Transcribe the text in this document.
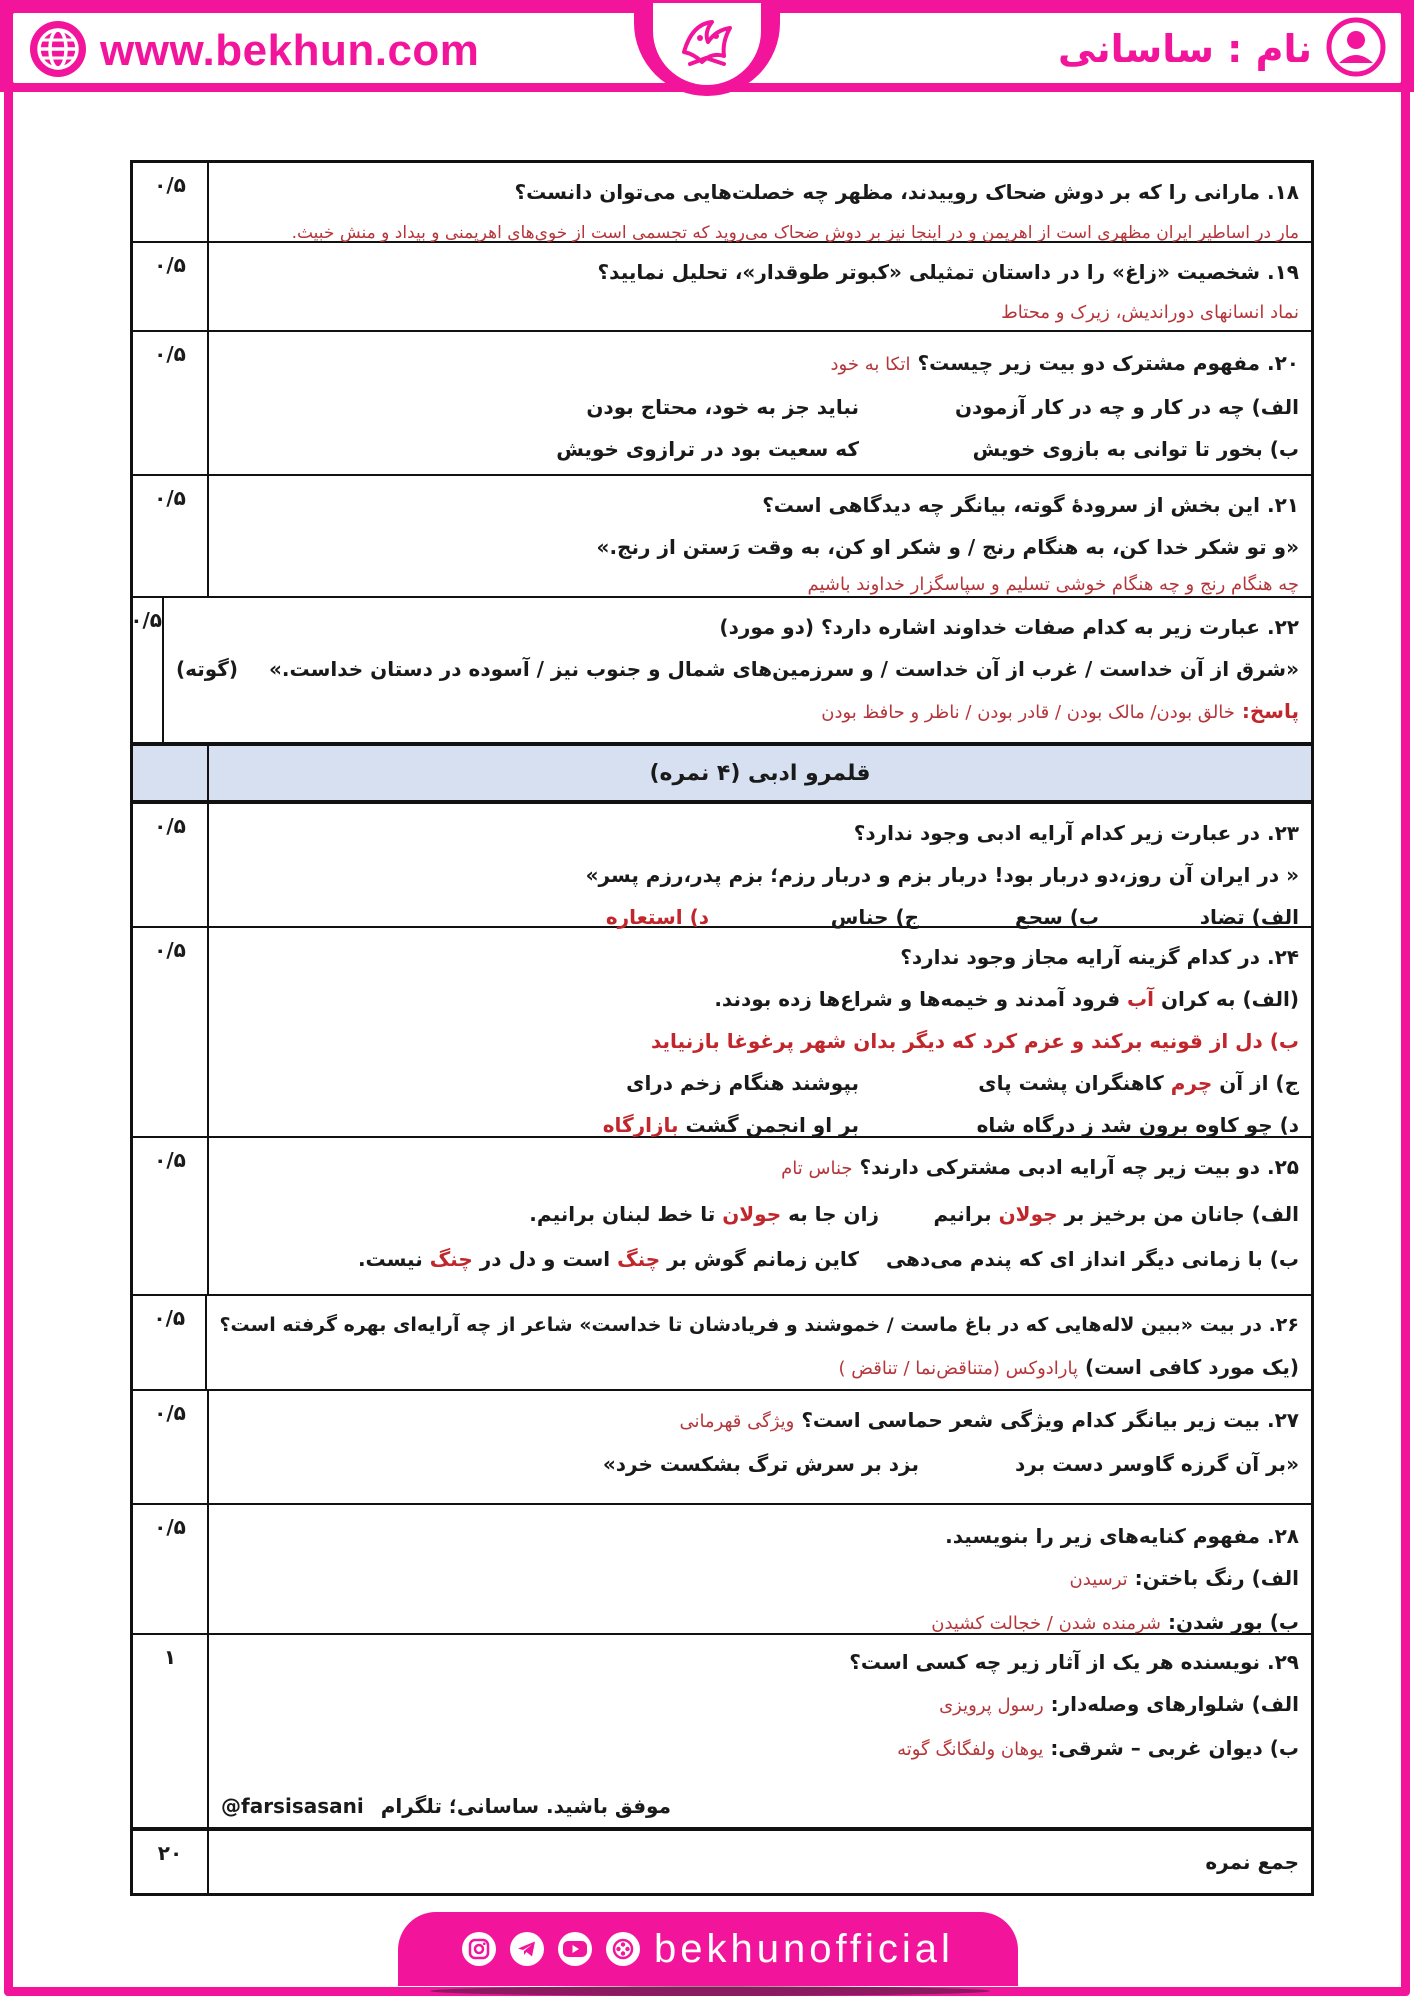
www.bekhun.com	نام : ساسانی
۱۸. مارانی را که بر دوش ضحاک روییدند، مظهر چه خصلت‌هایی می‌توان دانست؟
مار در اساطیر ایران مظهری است از اهریمن و در اینجا نیز بر دوش ضحاک می‌روید که تجسمی است از خوی‌های اهریمنی و بیداد و منش خبیث.
۰/۵
۱۹. شخصیت «زاغ» را در داستان تمثیلی «کبوتر طوقدار»، تحلیل نمایید؟
نماد انسانهای دوراندیش، زیرک و محتاط
۰/۵
۲۰. مفهوم مشترک دو بیت زیر چیست؟ اتکا به خود
الف) چه در کار و چه در کار آزمودن
نباید جز به خود، محتاج بودن
ب) بخور تا توانی به بازوی خویش
که سعیت بود در ترازوی خویش
۰/۵
۲۱. این بخش از سرودهٔ گوته، بیانگر چه دیدگاهی است؟
«و تو شکر خدا کن، به هنگام رنج / و شکر او کن، به وقت رَستن از رنج.»
چه هنگام رنج و چه هنگام خوشی تسلیم و سپاسگزار خداوند باشیم
۰/۵
۲۲. عبارت زیر به کدام صفات خداوند اشاره دارد؟ (دو مورد)
«شرق از آن خداست / غرب از آن خداست / و سرزمین‌های شمال و جنوب نیز / آسوده در دستان خداست.» (گوته)
پاسخ: خالق بودن/ مالک بودن / قادر بودن / ناظر و حافظ بودن
۰/۵
قلمرو ادبی (۴ نمره)
۲۳. در عبارت زیر کدام آرایه ادبی وجود ندارد؟
« در ایران آن روز،دو دربار بود! دربار بزم و دربار رزم؛ بزم پدر،رزم پسر»
الف) تضاد
ب) سجع
ج) جناس
د) استعاره
۰/۵
۲۴. در کدام گزینه آرایه مجاز وجود ندارد؟
(الف) به کران آب فرود آمدند و خیمه‌ها و شراع‌ها زده بودند.
ب) دل از قونیه برکند و عزم کرد که دیگر بدان شهر پرغوغا بازنیاید
ج) از آن چرم کاهنگران پشت پای
بپوشند هنگام زخم درای
د) چو کاوه برون شد ز درگاه شاه
بر او انجمن گشت بازارگاه
۰/۵
۲۵. دو بیت زیر چه آرایه ادبی مشترکی دارند؟ جناس تام
الف) جانان من برخیز بر جولان برانیم
زان جا به جولان تا خط لبنان برانیم.
ب) با زمانی دیگر انداز ای که پندم می‌دهی
کاین زمانم گوش بر چنگ است و دل در چنگ نیست.
۰/۵
۲۶. در بیت «ببین لاله‌هایی که در باغ ماست / خموشند و فریادشان تا خداست» شاعر از چه آرایه‌ای بهره گرفته است؟
(یک مورد کافی است) پارادوکس (متناقض‌نما / تناقض )
۰/۵
۲۷. بیت زیر بیانگر کدام ویژگی شعر حماسی است؟ ویژگی قهرمانی
«بر آن گرزه گاوسر دست برد
بزد بر سرش ترگ بشکست خرد»
۰/۵
۲۸. مفهوم کنایه‌های زیر را بنویسید.
الف) رنگ باختن: ترسیدن
ب) بور شدن: شرمنده شدن / خجالت کشیدن
۰/۵
۲۹. نویسنده هر یک از آثار زیر چه کسی است؟
الف) شلوارهای وصله‌دار: رسول پرویزی
ب) دیوان غربی – شرقی: یوهان ولفگانگ گوته
موفق باشید. ساسانی؛ تلگرام @farsisasani
۱
جمع نمره
۲۰
bekhunofficial
